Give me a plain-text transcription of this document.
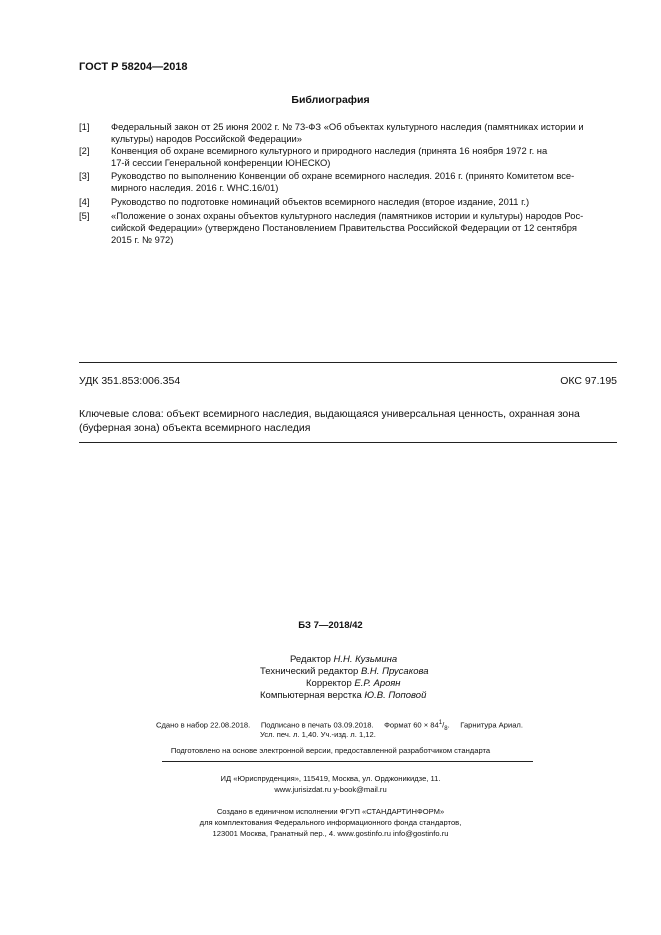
ГОСТ Р 58204—2018
Библиография
[1] Федеральный закон от 25 июня 2002 г. № 73-ФЗ «Об объектах культурного наследия (памятниках истории и
культуры) народов Российской Федерации»
[2] Конвенция об охране всемирного культурного и природного наследия (принята 16 ноября 1972 г. на
17-й сессии Генеральной конференции ЮНЕСКО)
[3] Руководство по выполнению Конвенции об охране всемирного наследия. 2016 г. (принято Комитетом все-
мирного наследия. 2016 г. WHC.16/01)
[4] Руководство по подготовке номинаций объектов всемирного наследия (второе издание, 2011 г.)
[5] «Положение о зонах охраны объектов культурного наследия (памятников истории и культуры) народов Рос-
сийской Федерации» (утверждено Постановлением Правительства Российской Федерации от 12 сентября
2015 г. № 972)
УДК 351.853:006.354	ОКС 97.195
Ключевые слова: объект всемирного наследия, выдающаяся универсальная ценность, охранная зона
(буферная зона) объекта всемирного наследия
БЗ 7—2018/42
Редактор Н.Н. Кузьмина
Технический редактор В.Н. Прусакова
Корректор Е.Р. Ароян
Компьютерная верстка Ю.В. Поповой
Сдано в набор 22.08.2018. Подписано в печать 03.09.2018. Формат $60 \times 84^1/_8$. Гарнитура Ариал.
Усл. печ. л. 1,40. Уч.-изд. л. 1,12.
Подготовлено на основе электронной версии, предоставленной разработчиком стандарта
ИД «Юриспруденция», 115419, Москва, ул. Орджоникидзе, 11.
www.jurisizdat.ru y-book@mail.ru
Создано в единичном исполнении ФГУП «СТАНДАРТИНФОРМ»
для комплектования Федерального информационного фонда стандартов,
123001 Москва, Гранатный пер., 4. www.gostinfo.ru info@gostinfo.ru
